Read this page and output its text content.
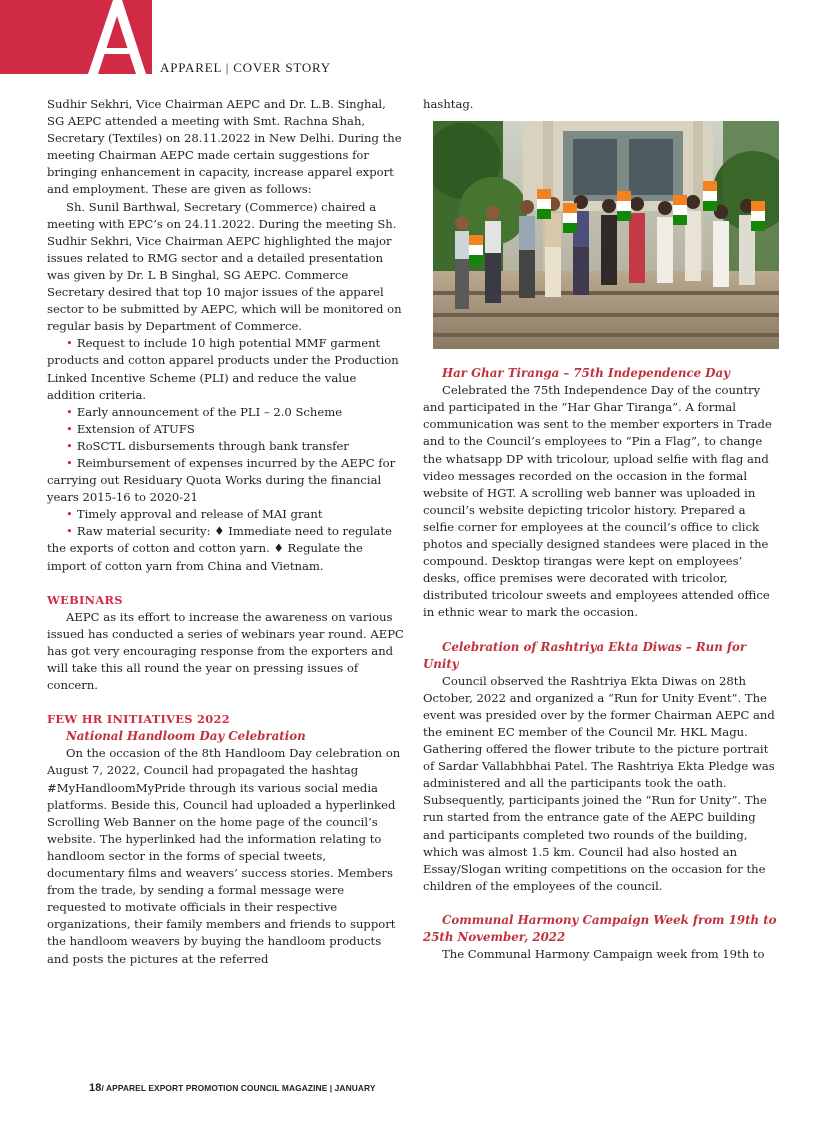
APPAREL | COVER STORY

Sudhir Sekhri, Vice Chairman AEPC and Dr. L.B. Singhal, SG AEPC attended a meeting with Smt. Rachna Shah, Secretary (Textiles) on 28.11.2022 in New Delhi. During the meeting Chairman AEPC made certain suggestions for bringing enhancement in capacity, increase apparel export and employment. These are given as follows:

Sh. Sunil Barthwal, Secretary (Commerce) chaired a meeting with EPC’s on 24.11.2022. During the meeting Sh. Sudhir Sekhri, Vice Chairman AEPC highlighted the major issues related to RMG sector and a detailed presentation was given by Dr. L B Singhal, SG AEPC. Commerce Secretary desired that top 10 major issues of the apparel sector to be submitted by AEPC, which will be monitored on regular basis by Department of Commerce.

• Request to include 10 high potential MMF garment products and cotton apparel products under the Production Linked Incentive Scheme (PLI) and reduce the value addition criteria.

• Early announcement of the PLI – 2.0 Scheme

• Extension of ATUFS

• RoSCTL disbursements through bank transfer

• Reimbursement of expenses incurred by the AEPC for carrying out Residuary Quota Works during the financial years 2015-16 to 2020-21

• Timely approval and release of MAI grant

• Raw material security: ♦ Immediate need to regulate the exports of cotton and cotton yarn. ♦ Regulate the import of cotton yarn from China and Vietnam.

WEBINARS

AEPC as its effort to increase the awareness on various issued has conducted a series of webinars year round. AEPC has got very encouraging response from the exporters and will take this all round the year on pressing issues of concern.

FEW HR INITIATIVES 2022

National Handloom Day Celebration

On the occasion of the 8th Handloom Day celebration on August 7, 2022, Council had propagated the hashtag #MyHandloomMyPride through its various social media platforms. Beside this, Council had uploaded a hyperlinked Scrolling Web Banner on the home page of the council’s website. The hyperlinked had the information relating to handloom sector in the forms of special tweets, documentary films and weavers’ success stories. Members from the trade, by sending a formal message were requested to motivate officials in their respective organizations, their family members and friends to support the handloom weavers by buying the handloom products and posts the pictures at the referred

hashtag.

Har Ghar Tiranga – 75th Independence Day

Celebrated the 75th Independence Day of the country and participated in the “Har Ghar Tiranga”. A formal communication was sent to the member exporters in Trade and to the Council’s employees to “Pin a Flag”, to change the whatsapp DP with tricolour, upload selfie with flag and video messages recorded on the occasion in the formal website of HGT. A scrolling web banner was uploaded in council’s website depicting tricolor history. Prepared a selfie corner for employees at the council’s office to click photos and specially designed standees were placed in the compound. Desktop tirangas were kept on employees’ desks, office premises were decorated with tricolor, distributed tricolour sweets and employees attended office in ethnic wear to mark the occasion.

Celebration of Rashtriya Ekta Diwas – Run for Unity

Council observed the Rashtriya Ekta Diwas on 28th October, 2022 and organized a “Run for Unity Event”. The event was presided over by the former Chairman AEPC and the eminent EC member of the Council Mr. HKL Magu. Gathering offered the flower tribute to the picture portrait of Sardar Vallabhbhai Patel. The Rashtriya Ekta Pledge was administered and all the participants took the oath. Subsequently, participants joined the “Run for Unity”. The run started from the entrance gate of the AEPC building and participants completed two rounds of the building, which was almost 1.5 km. Council had also hosted an Essay/Slogan writing competitions on the occasion for the children of the employees of the council.

Communal Harmony Campaign Week from 19th to 25th November, 2022

The Communal Harmony Campaign week from 19th to

18/ APPAREL EXPORT PROMOTION COUNCIL MAGAZINE | JANUARY
